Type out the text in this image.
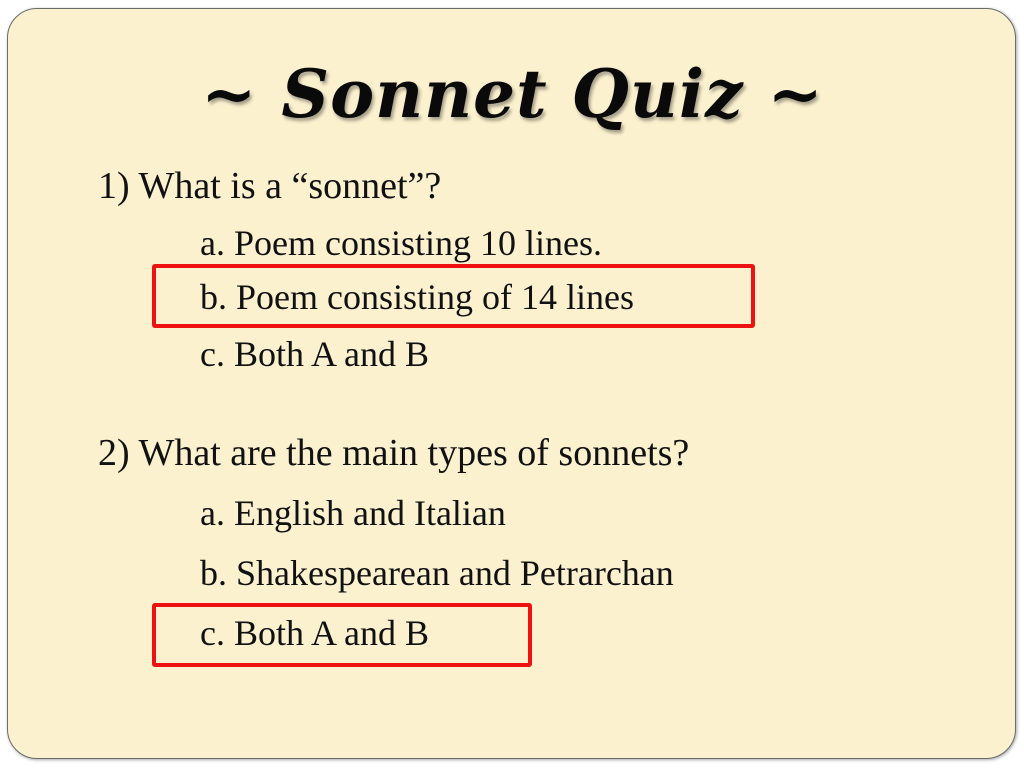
~ Sonnet Quiz ~
1) What is a “sonnet”?
a. Poem consisting 10 lines.
b. Poem consisting of 14 lines
c. Both A and B
2) What are the main types of sonnets?
a. English and Italian
b. Shakespearean and Petrarchan
c. Both A and B
